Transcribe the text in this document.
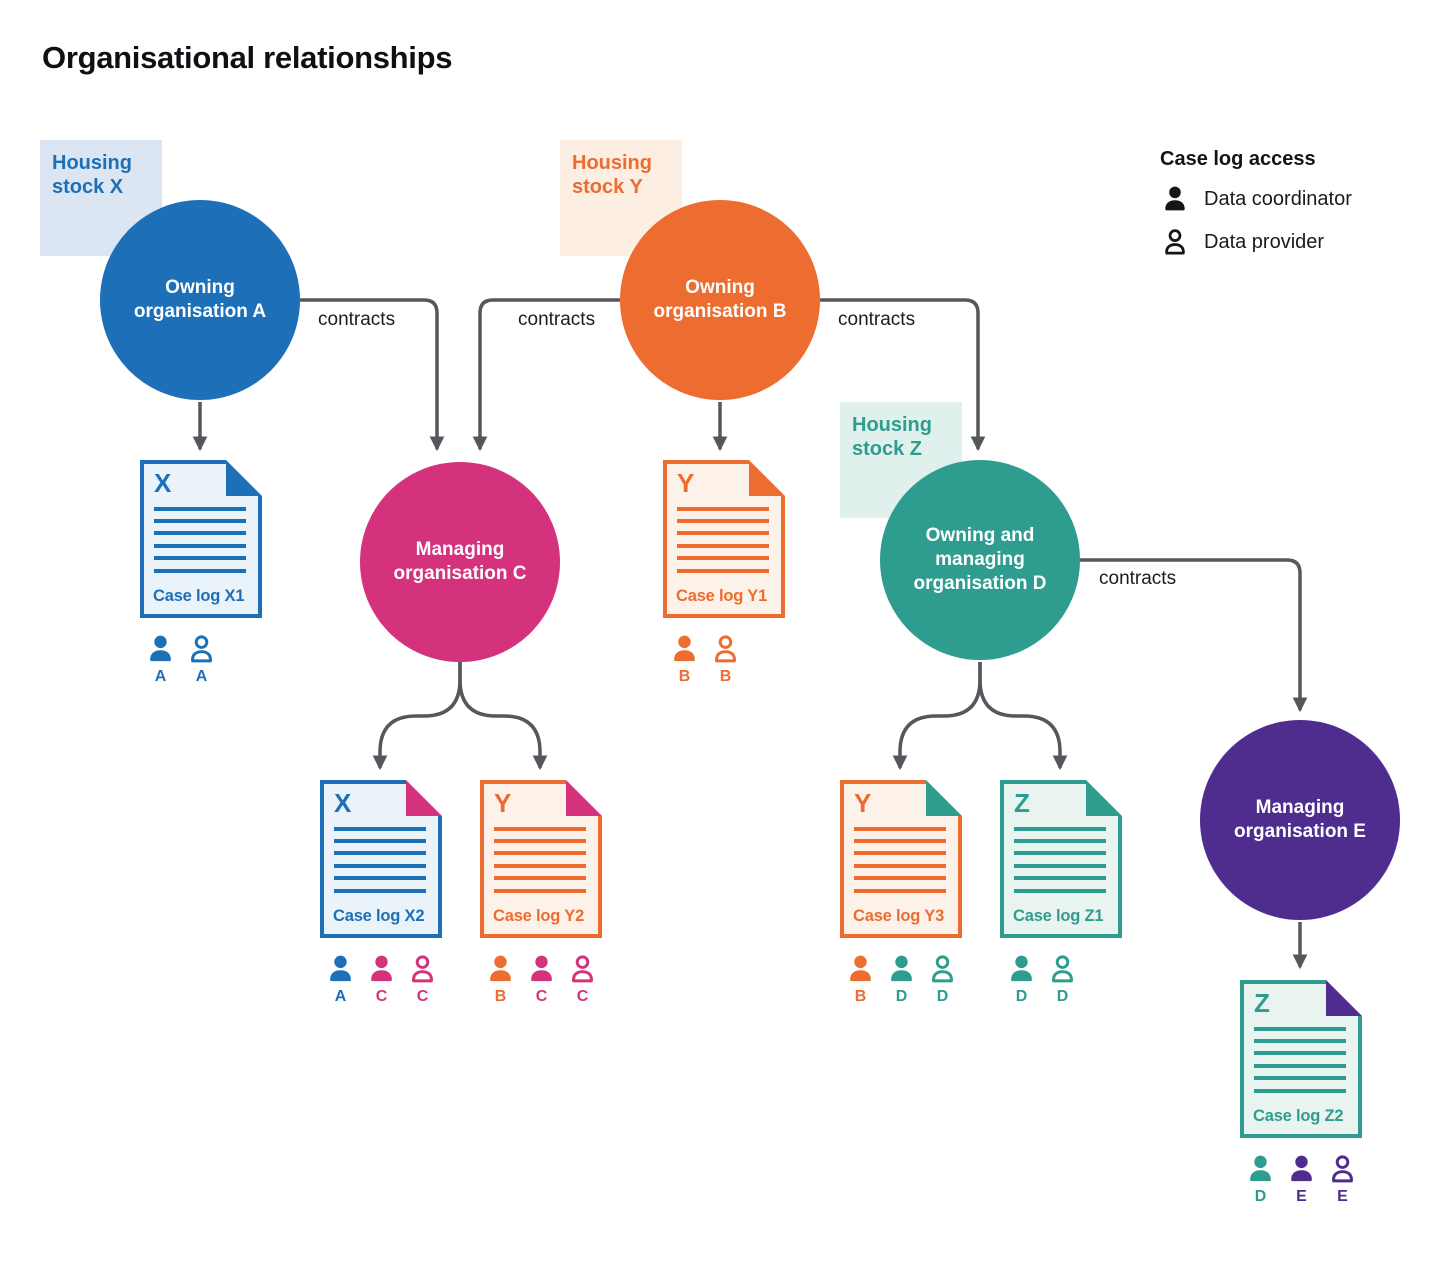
Organisational relationships
Housing stock X
Housing stock Y
Housing stock Z
contracts	contracts	contracts
contracts
Owning organisation A
Owning organisation B
Managing organisation C
Owning and managing organisation D
Managing organisation E
X
Case log X1
Y
Case log Y1
X
Case log X2
Y
Case log Y2
Y
Case log Y3
Z
Case log Z1
Z
Case log Z2
A A	B B
A C C	B C C	B D D	D D
D E E
Case log access
Data coordinator
Data provider
